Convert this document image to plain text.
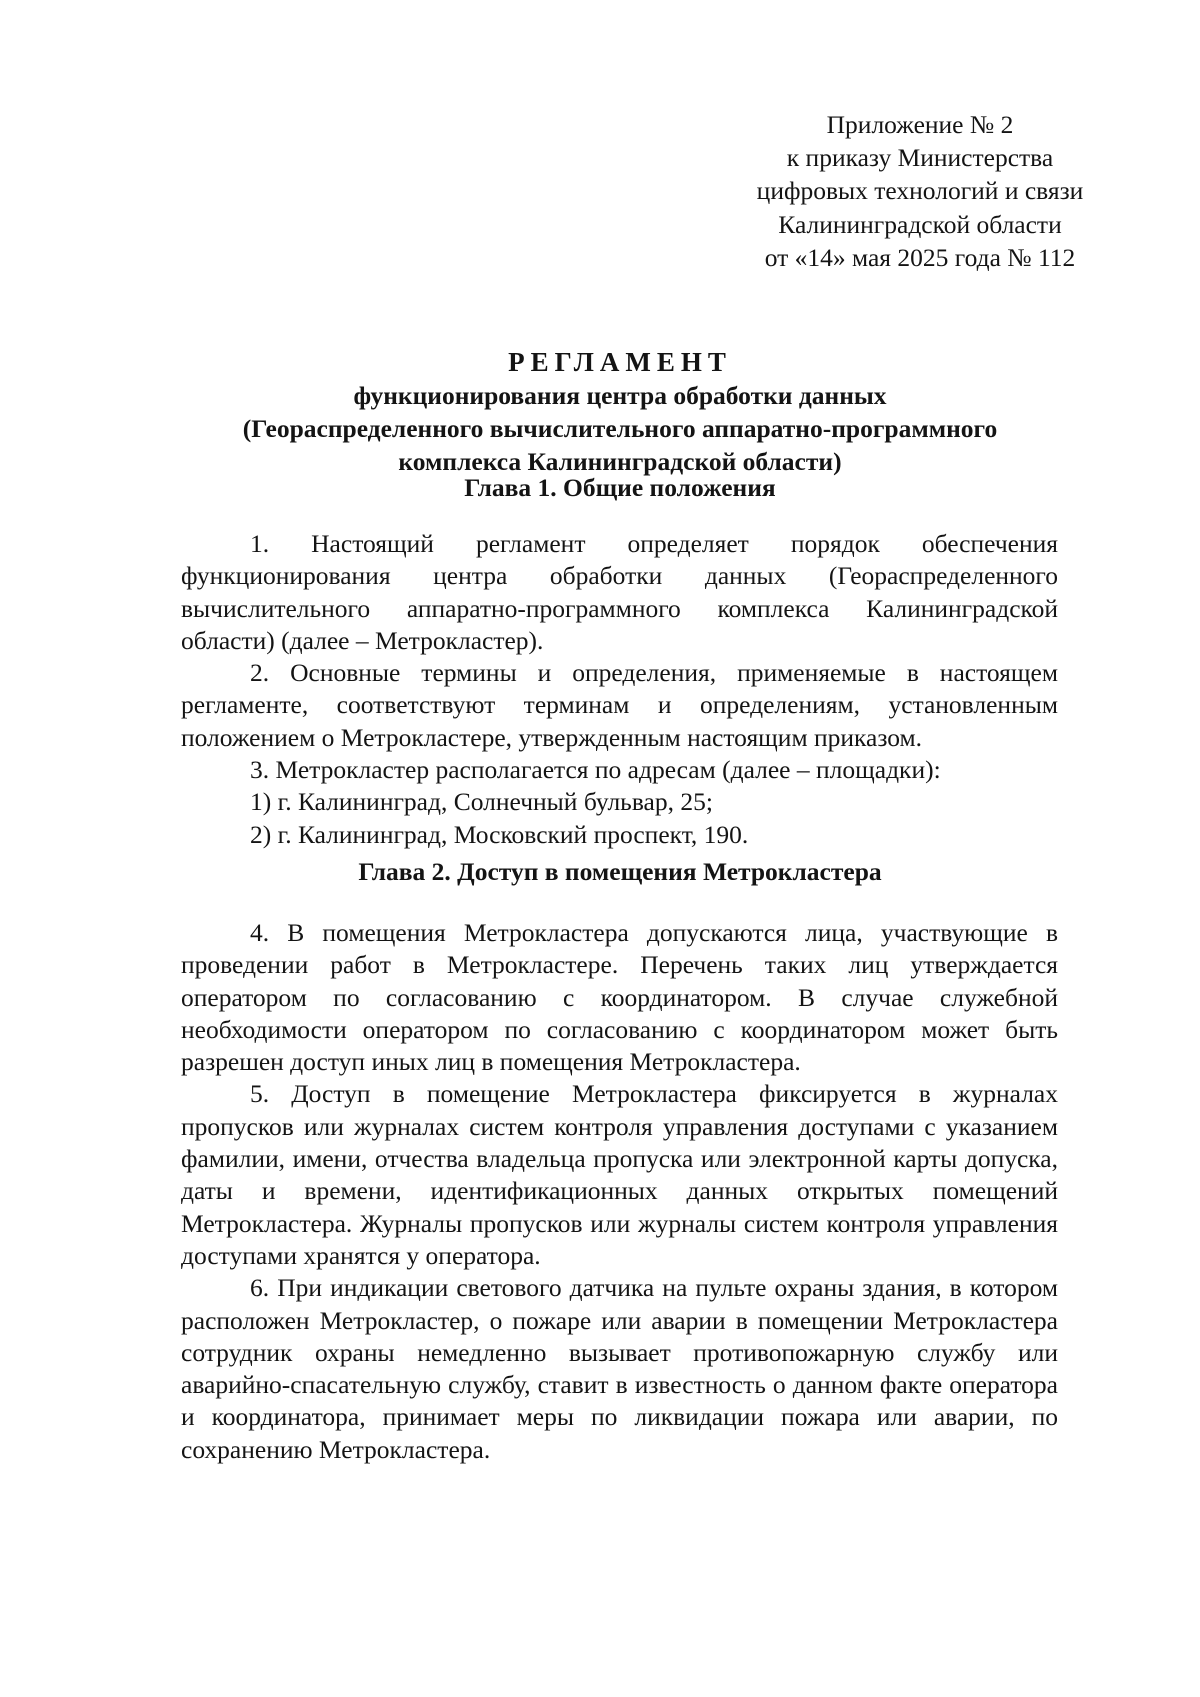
Приложение № 2
к приказу Министерства
цифровых технологий и связи
Калининградской области
от «14» мая 2025 года № 112
РЕГЛАМЕНТ
функционирования центра обработки данных
(Геораспределенного вычислительного аппаратно-программного
комплекса Калининградской области)
Глава 1. Общие положения

1. Настоящий регламент определяет порядок обеспечения функционирования центра обработки данных (Геораспределенного вычислительного аппаратно-программного комплекса Калининградской области) (далее – Метрокластер).

2. Основные термины и определения, применяемые в настоящем регламенте, соответствуют терминам и определениям, установленным положением о Метрокластере, утвержденным настоящим приказом.

3. Метрокластер располагается по адресам (далее – площадки):

1) г. Калининград, Солнечный бульвар, 25;

2) г. Калининград, Московский проспект, 190.

Глава 2. Доступ в помещения Метрокластера

4. В помещения Метрокластера допускаются лица, участвующие в проведении работ в Метрокластере. Перечень таких лиц утверждается оператором по согласованию с координатором. В случае служебной необходимости оператором по согласованию с координатором может быть разрешен доступ иных лиц в помещения Метрокластера.

5. Доступ в помещение Метрокластера фиксируется в журналах пропусков или журналах систем контроля управления доступами с указанием фамилии, имени, отчества владельца пропуска или электронной карты допуска, даты и времени, идентификационных данных открытых помещений Метрокластера. Журналы пропусков или журналы систем контроля управления доступами хранятся у оператора.

6. При индикации светового датчика на пульте охраны здания, в котором расположен Метрокластер, о пожаре или аварии в помещении Метрокластера сотрудник охраны немедленно вызывает противопожарную службу или аварийно-спасательную службу, ставит в известность о данном факте оператора и координатора, принимает меры по ликвидации пожара или аварии, по сохранению Метрокластера.
